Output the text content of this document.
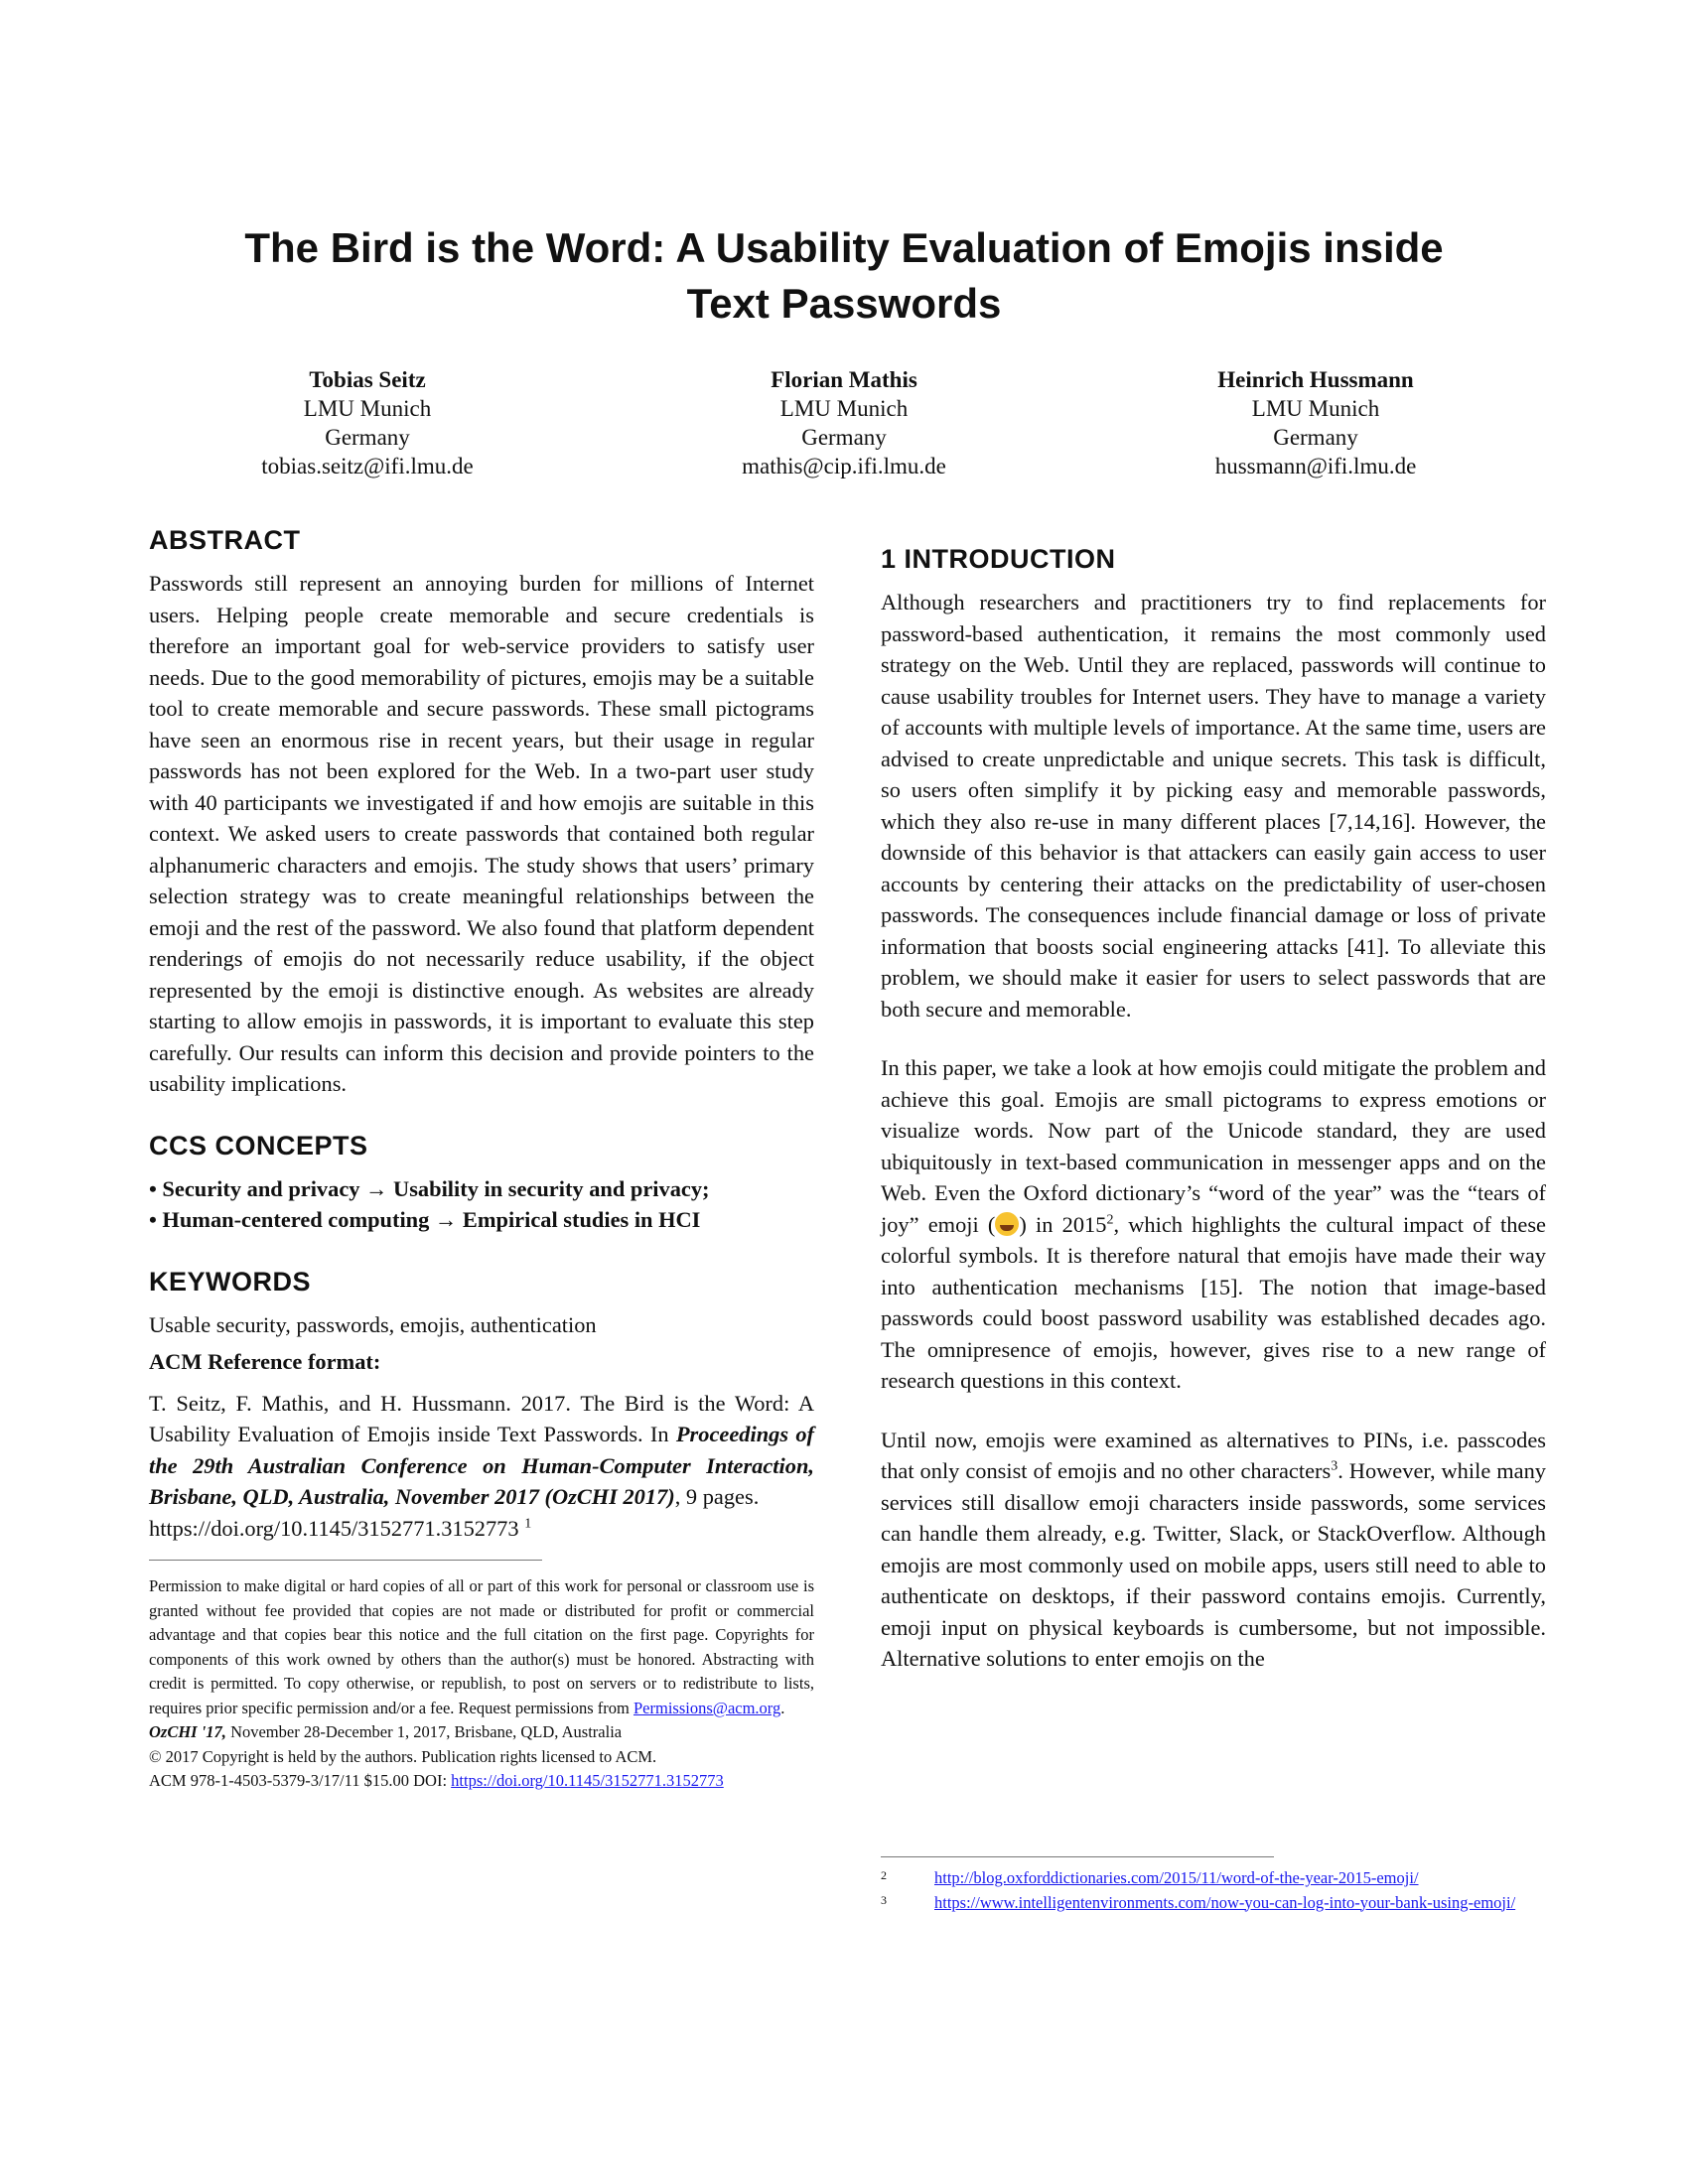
The Bird is the Word: A Usability Evaluation of Emojis inside
Text Passwords
Tobias Seitz
LMU Munich
Germany
tobias.seitz@ifi.lmu.de
Florian Mathis
LMU Munich
Germany
mathis@cip.ifi.lmu.de
Heinrich Hussmann
LMU Munich
Germany
hussmann@ifi.lmu.de
ABSTRACT

Passwords still represent an annoying burden for millions of Internet users. Helping people create memorable and secure credentials is therefore an important goal for web-service providers to satisfy user needs. Due to the good memorability of pictures, emojis may be a suitable tool to create memorable and secure passwords. These small pictograms have seen an enormous rise in recent years, but their usage in regular passwords has not been explored for the Web. In a two-part user study with 40 participants we investigated if and how emojis are suitable in this context. We asked users to create passwords that contained both regular alphanumeric characters and emojis. The study shows that users’ primary selection strategy was to create meaningful relationships between the emoji and the rest of the password. We also found that platform dependent renderings of emojis do not necessarily reduce usability, if the object represented by the emoji is distinctive enough. As websites are already starting to allow emojis in passwords, it is important to evaluate this step carefully. Our results can inform this decision and provide pointers to the usability implications.

CCS CONCEPTS
• Security and privacy → Usability in security and privacy;
• Human-centered computing → Empirical studies in HCI
KEYWORDS

Usable security, passwords, emojis, authentication

ACM Reference format:

T. Seitz, F. Mathis, and H. Hussmann. 2017. The Bird is the Word: A Usability Evaluation of Emojis inside Text Passwords. In Proceedings of the 29th Australian Conference on Human-Computer Interaction, Brisbane, QLD, Australia, November 2017 (OzCHI 2017), 9 pages.

https://doi.org/10.1145/3152771.3152773 $^1$

Permission to make digital or hard copies of all or part of this work for personal or classroom use is granted without fee provided that copies are not made or distributed for profit or commercial advantage and that copies bear this notice and the full citation on the first page. Copyrights for components of this work owned by others than the author(s) must be honored. Abstracting with credit is permitted. To copy otherwise, or republish, to post on servers or to redistribute to lists, requires prior specific permission and/or a fee. Request permissions from Permissions@acm.org.

OzCHI '17, November 28-December 1, 2017, Brisbane, QLD, Australia
© 2017 Copyright is held by the authors. Publication rights licensed to ACM.
ACM 978-1-4503-5379-3/17/11 $15.00 DOI: https://doi.org/10.1145/3152771.3152773
1 INTRODUCTION

Although researchers and practitioners try to find replacements for password-based authentication, it remains the most commonly used strategy on the Web. Until they are replaced, passwords will continue to cause usability troubles for Internet users. They have to manage a variety of accounts with multiple levels of importance. At the same time, users are advised to create unpredictable and unique secrets. This task is difficult, so users often simplify it by picking easy and memorable passwords, which they also re-use in many different places [7,14,16]. However, the downside of this behavior is that attackers can easily gain access to user accounts by centering their attacks on the predictability of user-chosen passwords. The consequences include financial damage or loss of private information that boosts social engineering attacks [41]. To alleviate this problem, we should make it easier for users to select passwords that are both secure and memorable.

In this paper, we take a look at how emojis could mitigate the problem and achieve this goal. Emojis are small pictograms to express emotions or visualize words. Now part of the Unicode standard, they are used ubiquitously in text-based communication in messenger apps and on the Web. Even the Oxford dictionary’s “word of the year” was the “tears of joy” emoji ( ) in 2015$^2$, which highlights the cultural impact of these colorful symbols. It is therefore natural that emojis have made their way into authentication mechanisms [15]. The notion that image-based passwords could boost password usability was established decades ago. The omnipresence of emojis, however, gives rise to a new range of research questions in this context.

Until now, emojis were examined as alternatives to PINs, i.e. passcodes that only consist of emojis and no other characters$^3$. However, while many services still disallow emoji characters inside passwords, some services can handle them already, e.g. Twitter, Slack, or StackOverflow. Although emojis are most commonly used on mobile apps, users still need to able to authenticate on desktops, if their password contains emojis. Currently, emoji input on physical keyboards is cumbersome, but not impossible. Alternative solutions to enter emojis on the

2	http://blog.oxforddictionaries.com/2015/11/word-of-the-year-2015-emoji/
3	https://www.intelligentenvironments.com/now-you-can-log-into-your-bank-using-emoji/
